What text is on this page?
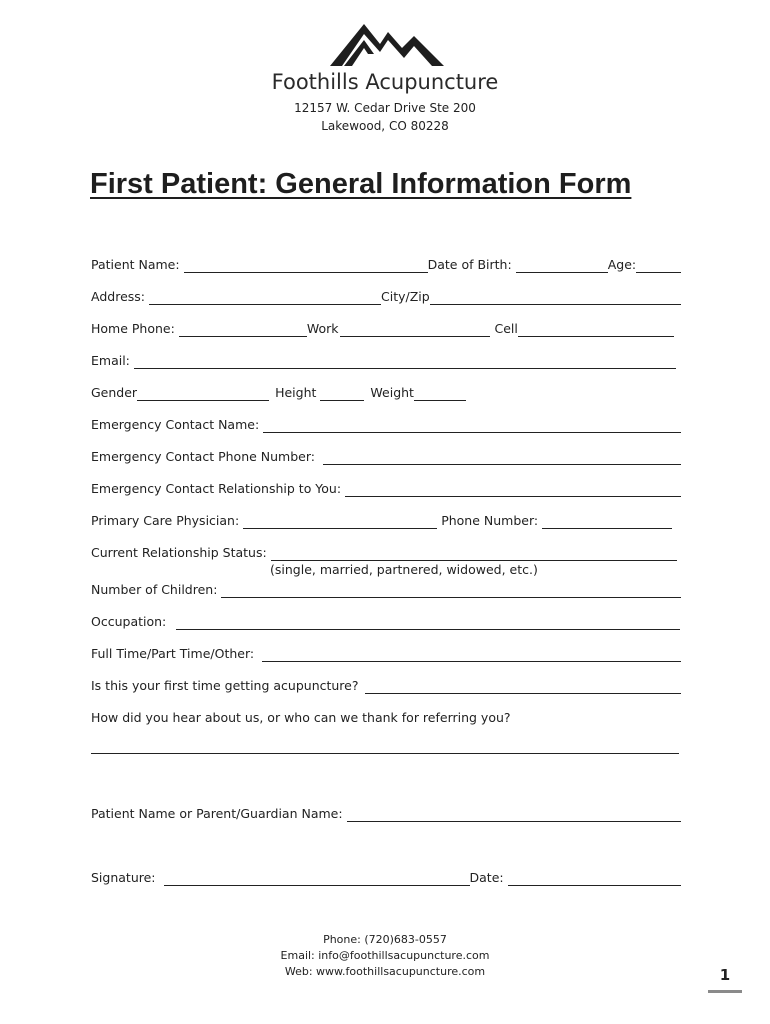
Foothills Acupuncture
12157 W. Cedar Drive Ste 200
Lakewood, CO 80228
First Patient: General Information Form
Patient Name:	Date of Birth:	Age:
Address:	City/Zip
Home Phone:	Work	Cell
Email:
Gender	Height	Weight
Emergency Contact Name:
Emergency Contact Phone Number:
Emergency Contact Relationship to You:
Primary Care Physician:	Phone Number:
Current Relationship Status:
(single, married, partnered, widowed, etc.)
Number of Children:
Occupation:
Full Time/Part Time/Other:
Is this your first time getting acupuncture?
How did you hear about us, or who can we thank for referring you?
Patient Name or Parent/Guardian Name:
Signature:	Date:
Phone: (720)683-0557
Email: info@foothillsacupuncture.com
Web: www.foothillsacupuncture.com	1
